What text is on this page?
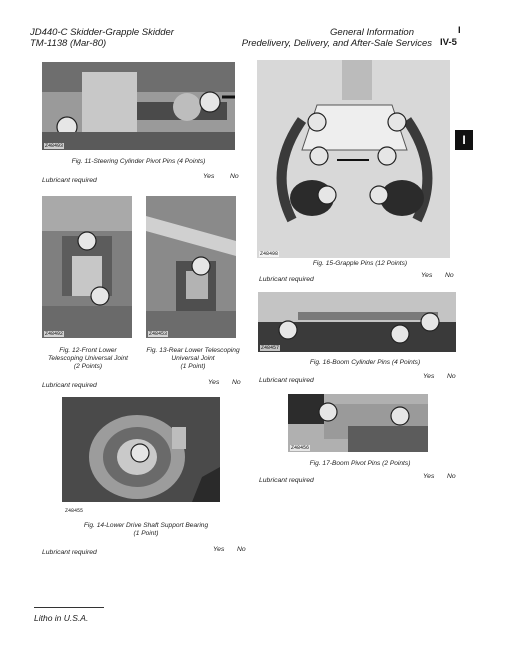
JD440-C Skidder-Grapple Skidder
TM-1138 (Mar-80)
General Information
Predelivery, Delivery, and After-Sale Services
I
IV-5
I
Z48493
Fig. 11-Steering Cylinder Pivot Pins (4 Points)
Lubricant required
Yes No
Z48492
Fig. 12-Front Lower
Telescoping Universal Joint
(2 Points)
Z48453
Fig. 13-Rear Lower Telescoping
Universal Joint
(1 Point)
Lubricant required	Yes No
Z48455
Fig. 14-Lower Drive Shaft Support Bearing
(1 Point)
Lubricant required	Yes No
Z48498
Fig. 15-Grapple Pins (12 Points)
Lubricant required
Yes No
Z48457
Fig. 16-Boom Cylinder Pins (4 Points)
Lubricant required
Yes No
Z48456
Fig. 17-Boom Pivot Pins (2 Points)
Lubricant required
Yes No
Litho in U.S.A.
